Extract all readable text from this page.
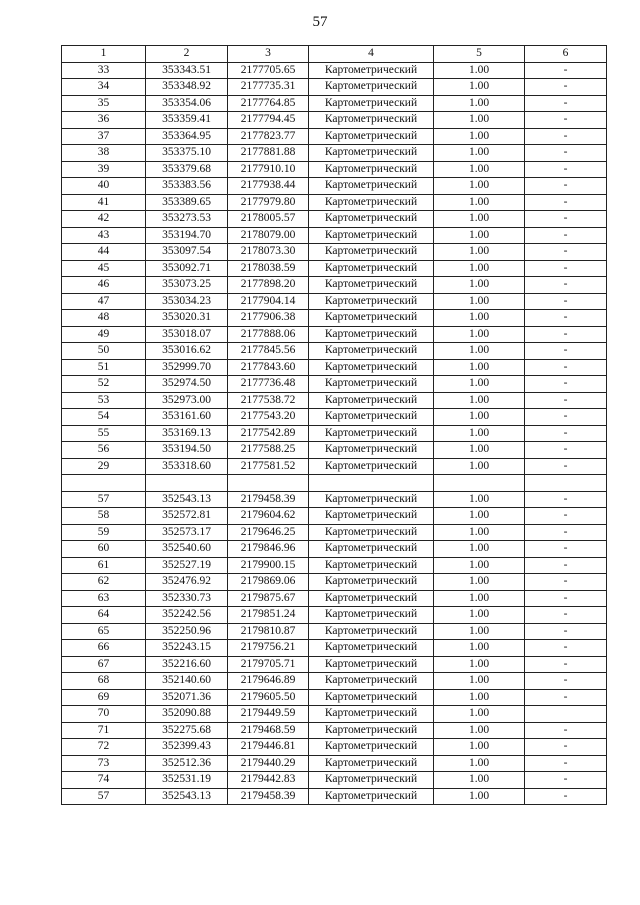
57
1	2	3	4	5	6
33	353343.51	2177705.65	Картометрический	1.00	-
34	353348.92	2177735.31	Картометрический	1.00	-
35	353354.06	2177764.85	Картометрический	1.00	-
36	353359.41	2177794.45	Картометрический	1.00	-
37	353364.95	2177823.77	Картометрический	1.00	-
38	353375.10	2177881.88	Картометрический	1.00	-
39	353379.68	2177910.10	Картометрический	1.00	-
40	353383.56	2177938.44	Картометрический	1.00	-
41	353389.65	2177979.80	Картометрический	1.00	-
42	353273.53	2178005.57	Картометрический	1.00	-
43	353194.70	2178079.00	Картометрический	1.00	-
44	353097.54	2178073.30	Картометрический	1.00	-
45	353092.71	2178038.59	Картометрический	1.00	-
46	353073.25	2177898.20	Картометрический	1.00	-
47	353034.23	2177904.14	Картометрический	1.00	-
48	353020.31	2177906.38	Картометрический	1.00	-
49	353018.07	2177888.06	Картометрический	1.00	-
50	353016.62	2177845.56	Картометрический	1.00	-
51	352999.70	2177843.60	Картометрический	1.00	-
52	352974.50	2177736.48	Картометрический	1.00	-
53	352973.00	2177538.72	Картометрический	1.00	-
54	353161.60	2177543.20	Картометрический	1.00	-
55	353169.13	2177542.89	Картометрический	1.00	-
56	353194.50	2177588.25	Картометрический	1.00	-
29	353318.60	2177581.52	Картометрический	1.00	-

57	352543.13	2179458.39	Картометрический	1.00	-
58	352572.81	2179604.62	Картометрический	1.00	-
59	352573.17	2179646.25	Картометрический	1.00	-
60	352540.60	2179846.96	Картометрический	1.00	-
61	352527.19	2179900.15	Картометрический	1.00	-
62	352476.92	2179869.06	Картометрический	1.00	-
63	352330.73	2179875.67	Картометрический	1.00	-
64	352242.56	2179851.24	Картометрический	1.00	-
65	352250.96	2179810.87	Картометрический	1.00	-
66	352243.15	2179756.21	Картометрический	1.00	-
67	352216.60	2179705.71	Картометрический	1.00	-
68	352140.60	2179646.89	Картометрический	1.00	-
69	352071.36	2179605.50	Картометрический	1.00	-
70	352090.88	2179449.59	Картометрический	1.00	
71	352275.68	2179468.59	Картометрический	1.00	-
72	352399.43	2179446.81	Картометрический	1.00	-
73	352512.36	2179440.29	Картометрический	1.00	-
74	352531.19	2179442.83	Картометрический	1.00	-
57	352543.13	2179458.39	Картометрический	1.00	-
